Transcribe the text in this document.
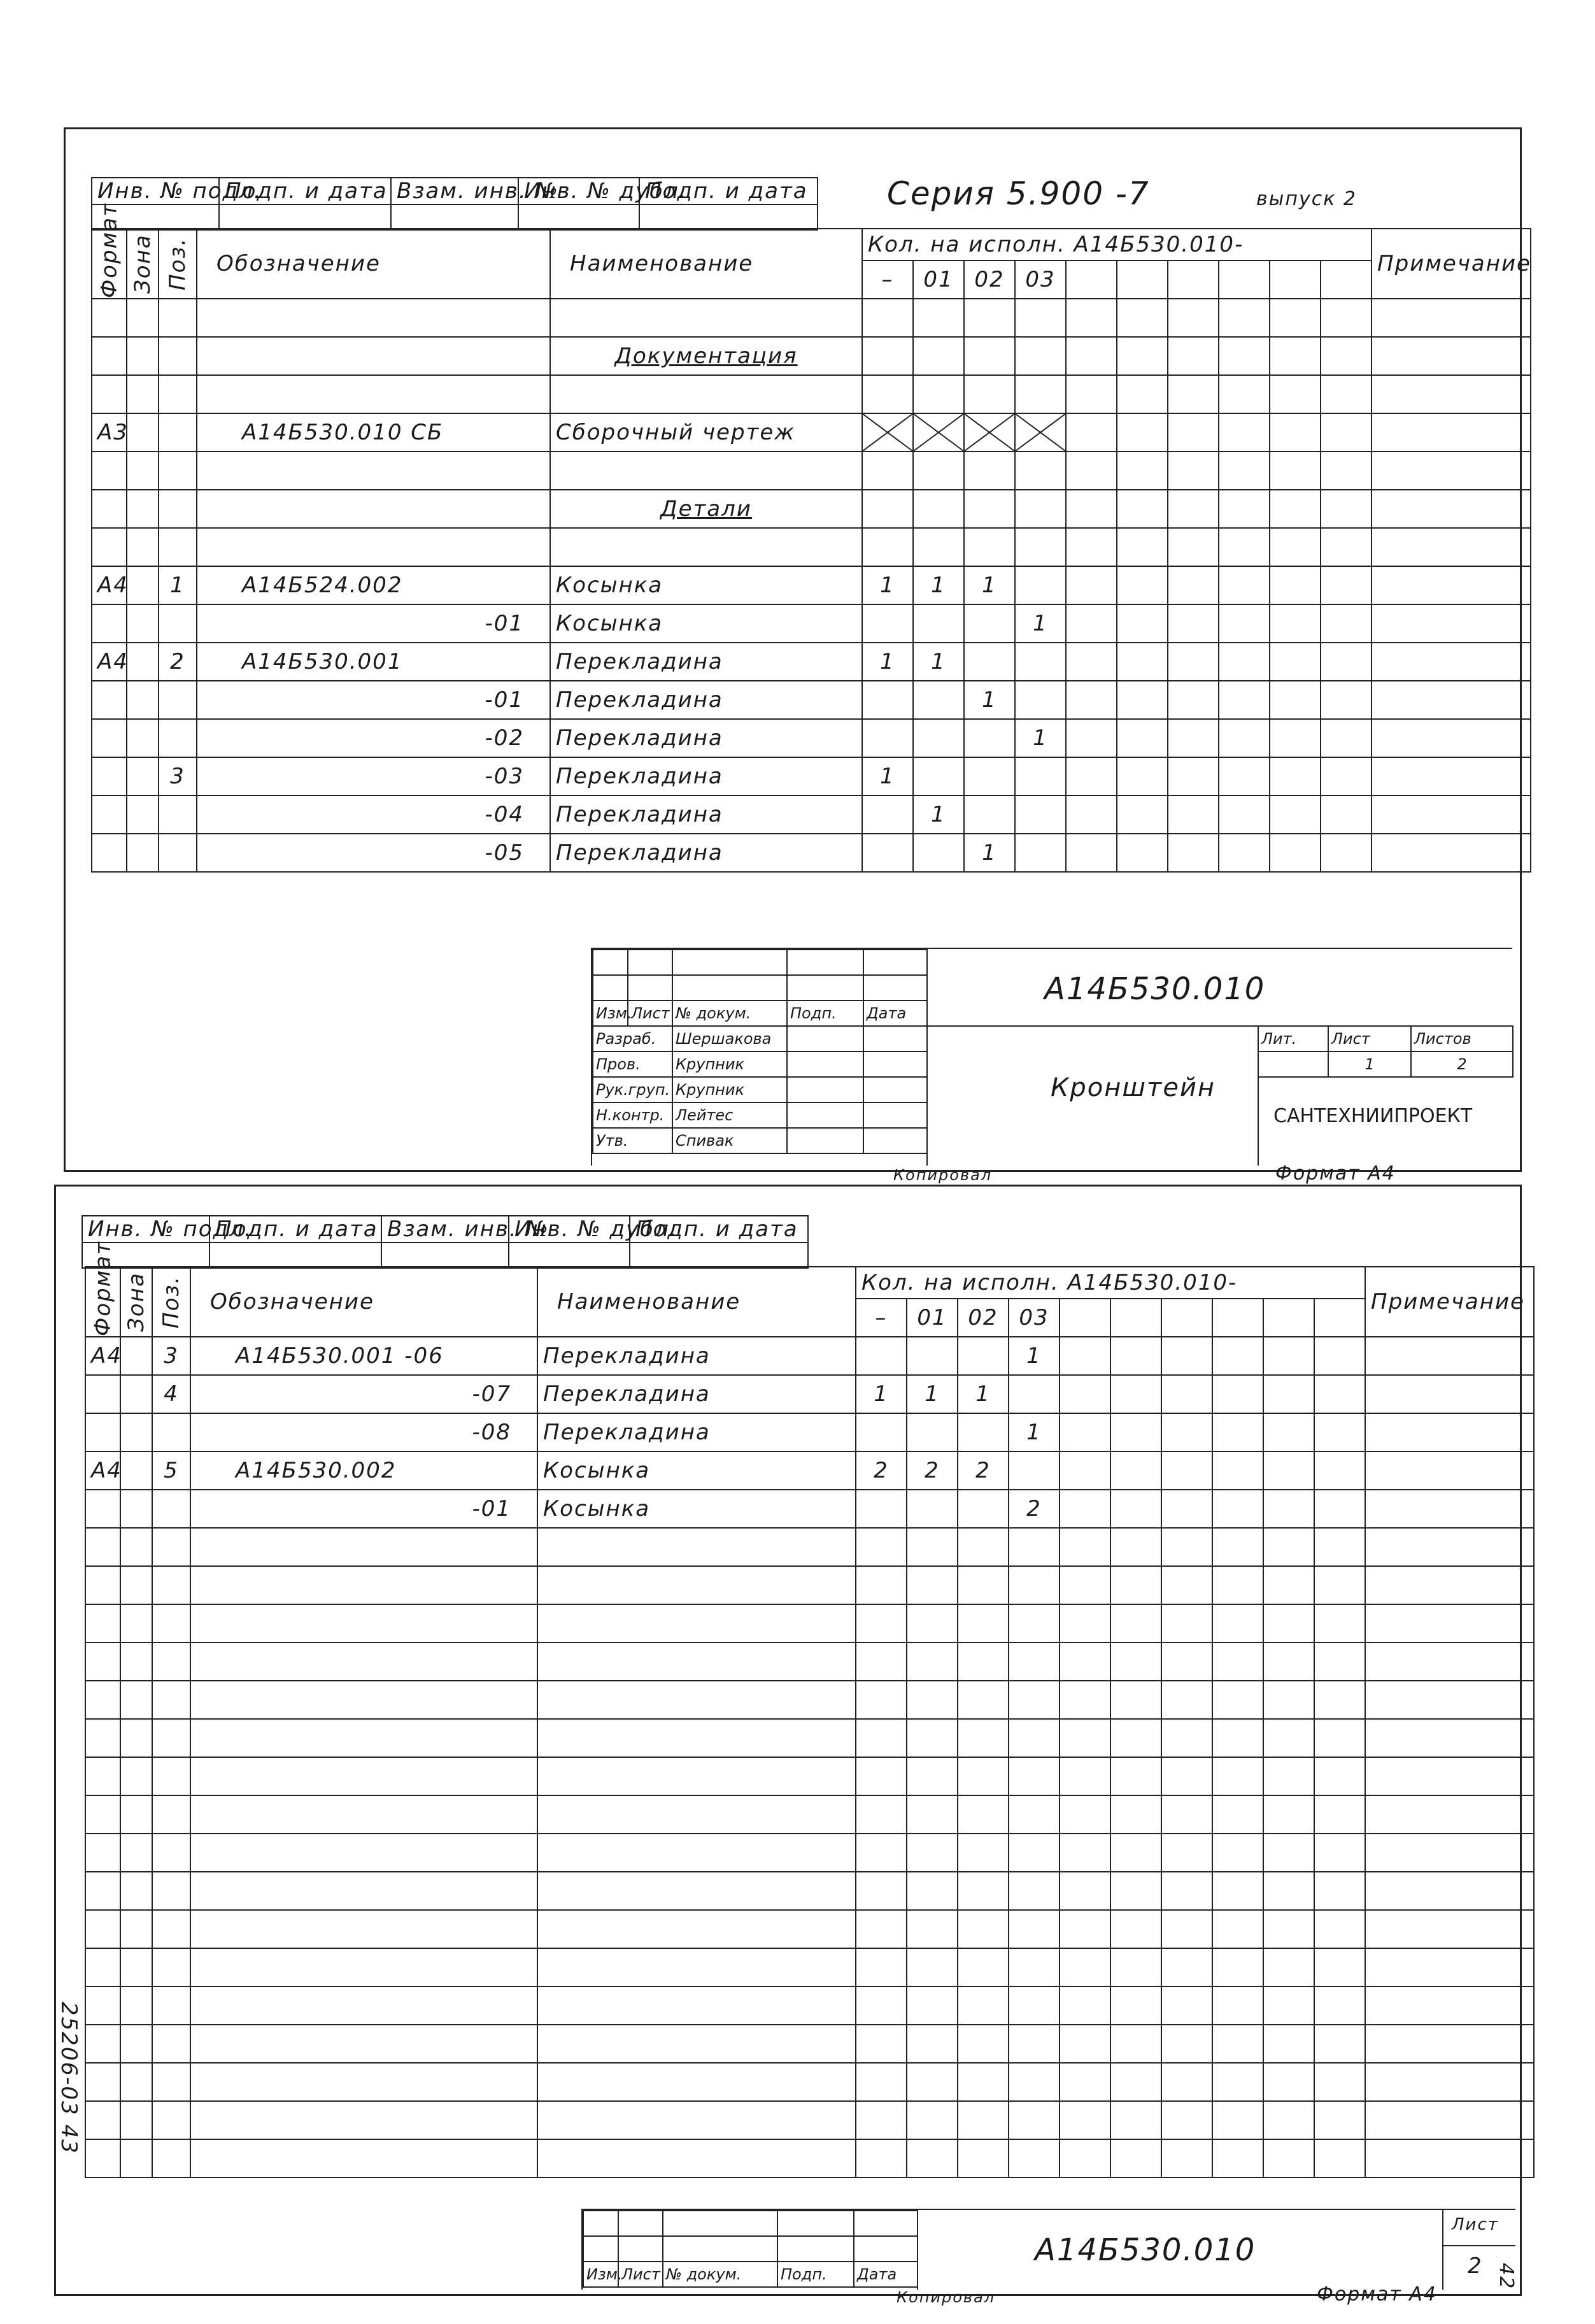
Инв. № подл.	Подп. и дата	Взам. инв. №	Инв. № дубл.	Подп. и дата
				Серия 5.900 -7	выпуск 2
Формат	Зона	Поз.	Обозначение	Наименование	Кол. на исполн. А14Б530.010-										Примечание
					–	01	02	03							

				Документация											

А3			А14Б530.010 СБ	Сборочный чертеж	

				Детали											

А4		1	А14Б524.002	Косынка	1	1	1								
			-01	Косынка				1							
А4		2	А14Б530.001	Перекладина	1	1									
			-01	Перекладина			1								
			-02	Перекладина				1							
		3	-03	Перекладина	1										
			-04	Перекладина		1									
			-05	Перекладина			1								

Изм.	Лист	№ докум.	Подп.	Дата
Разраб.		Шершакова		
Пров.		Крупник		
Рук.груп.		Крупник		
Н.контр.		Лейтес		
Утв.		Спивак		
А14Б530.010
Кронштейн
Лит.	Лист	Листов
	1	2
САНТЕХНИИПРОЕКТ
Копировал	Формат А4
Инв. № подл.	Подп. и дата	Взам. инв. №	Инв. № дубл.	Подп. и дата

Формат	Зона	Поз.	Обозначение	Наименование	Кол. на исполн. А14Б530.010-										Примечание
					–	01	02	03							
А4		3	А14Б530.001 -06	Перекладина				1							
		4	-07	Перекладина	1	1	1								
			-08	Перекладина				1							
А4		5	А14Б530.002	Косынка	2	2	2								
			-01	Косынка				2							

Изм.	Лист	№ докум.	Подп.	Дата
А14Б530.010
Лист
2
Копировал	Формат А4
42
25206-03 43
